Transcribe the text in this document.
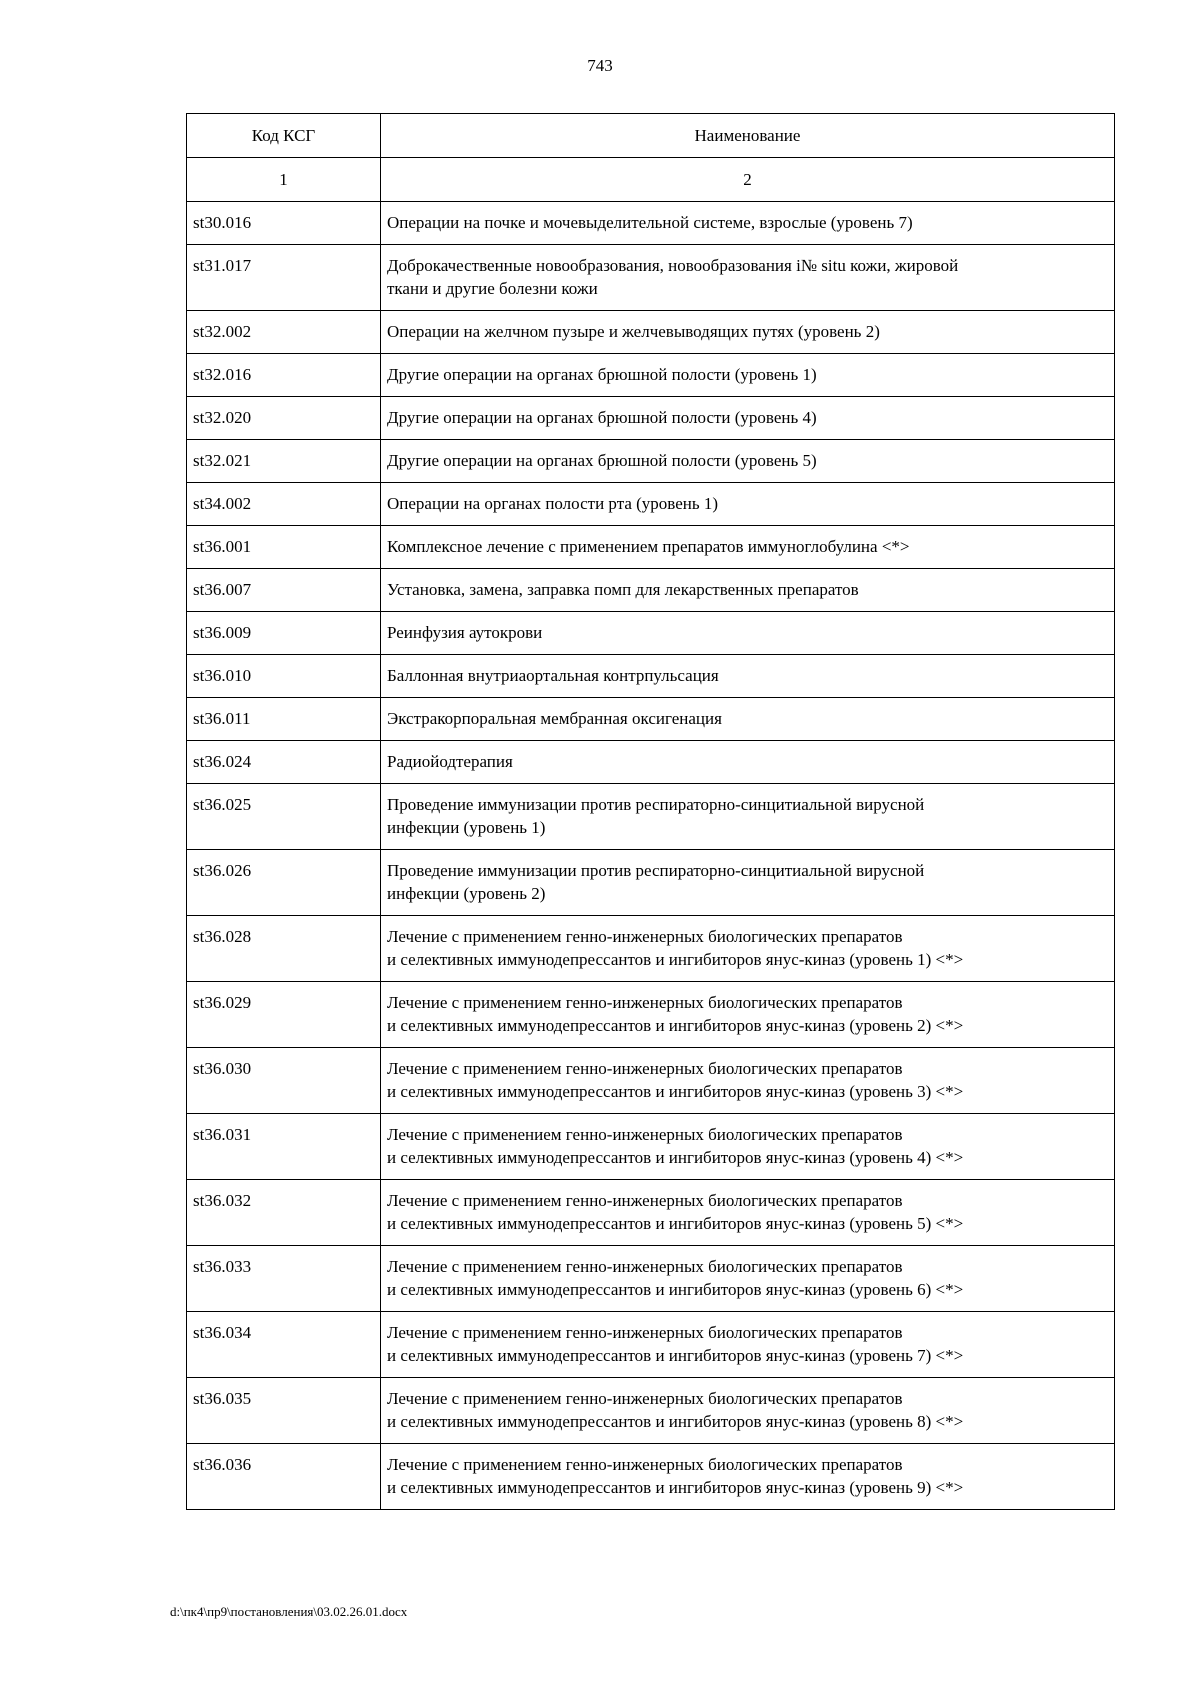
743
Код КСГ	Наименование
1	2
st30.016	Операции на почке и мочевыделительной системе, взрослые (уровень 7)
st31.017	Доброкачественные новообразования, новообразования i№ situ кожи, жировой
ткани и другие болезни кожи
st32.002	Операции на желчном пузыре и желчевыводящих путях (уровень 2)
st32.016	Другие операции на органах брюшной полости (уровень 1)
st32.020	Другие операции на органах брюшной полости (уровень 4)
st32.021	Другие операции на органах брюшной полости (уровень 5)
st34.002	Операции на органах полости рта (уровень 1)
st36.001	Комплексное лечение с применением препаратов иммуноглобулина <*>
st36.007	Установка, замена, заправка помп для лекарственных препаратов
st36.009	Реинфузия аутокрови
st36.010	Баллонная внутриаортальная контрпульсация
st36.011	Экстракорпоральная мембранная оксигенация
st36.024	Радиойодтерапия
st36.025	Проведение иммунизации против респираторно-синцитиальной вирусной
инфекции (уровень 1)
st36.026	Проведение иммунизации против респираторно-синцитиальной вирусной
инфекции (уровень 2)
st36.028	Лечение с применением генно-инженерных биологических препаратов
и селективных иммунодепрессантов и ингибиторов янус-киназ (уровень 1) <*>
st36.029	Лечение с применением генно-инженерных биологических препаратов
и селективных иммунодепрессантов и ингибиторов янус-киназ (уровень 2) <*>
st36.030	Лечение с применением генно-инженерных биологических препаратов
и селективных иммунодепрессантов и ингибиторов янус-киназ (уровень 3) <*>
st36.031	Лечение с применением генно-инженерных биологических препаратов
и селективных иммунодепрессантов и ингибиторов янус-киназ (уровень 4) <*>
st36.032	Лечение с применением генно-инженерных биологических препаратов
и селективных иммунодепрессантов и ингибиторов янус-киназ (уровень 5) <*>
st36.033	Лечение с применением генно-инженерных биологических препаратов
и селективных иммунодепрессантов и ингибиторов янус-киназ (уровень 6) <*>
st36.034	Лечение с применением генно-инженерных биологических препаратов
и селективных иммунодепрессантов и ингибиторов янус-киназ (уровень 7) <*>
st36.035	Лечение с применением генно-инженерных биологических препаратов
и селективных иммунодепрессантов и ингибиторов янус-киназ (уровень 8) <*>
st36.036	Лечение с применением генно-инженерных биологических препаратов
и селективных иммунодепрессантов и ингибиторов янус-киназ (уровень 9) <*>
d:\пк4\пр9\постановления\03.02.26.01.docx
